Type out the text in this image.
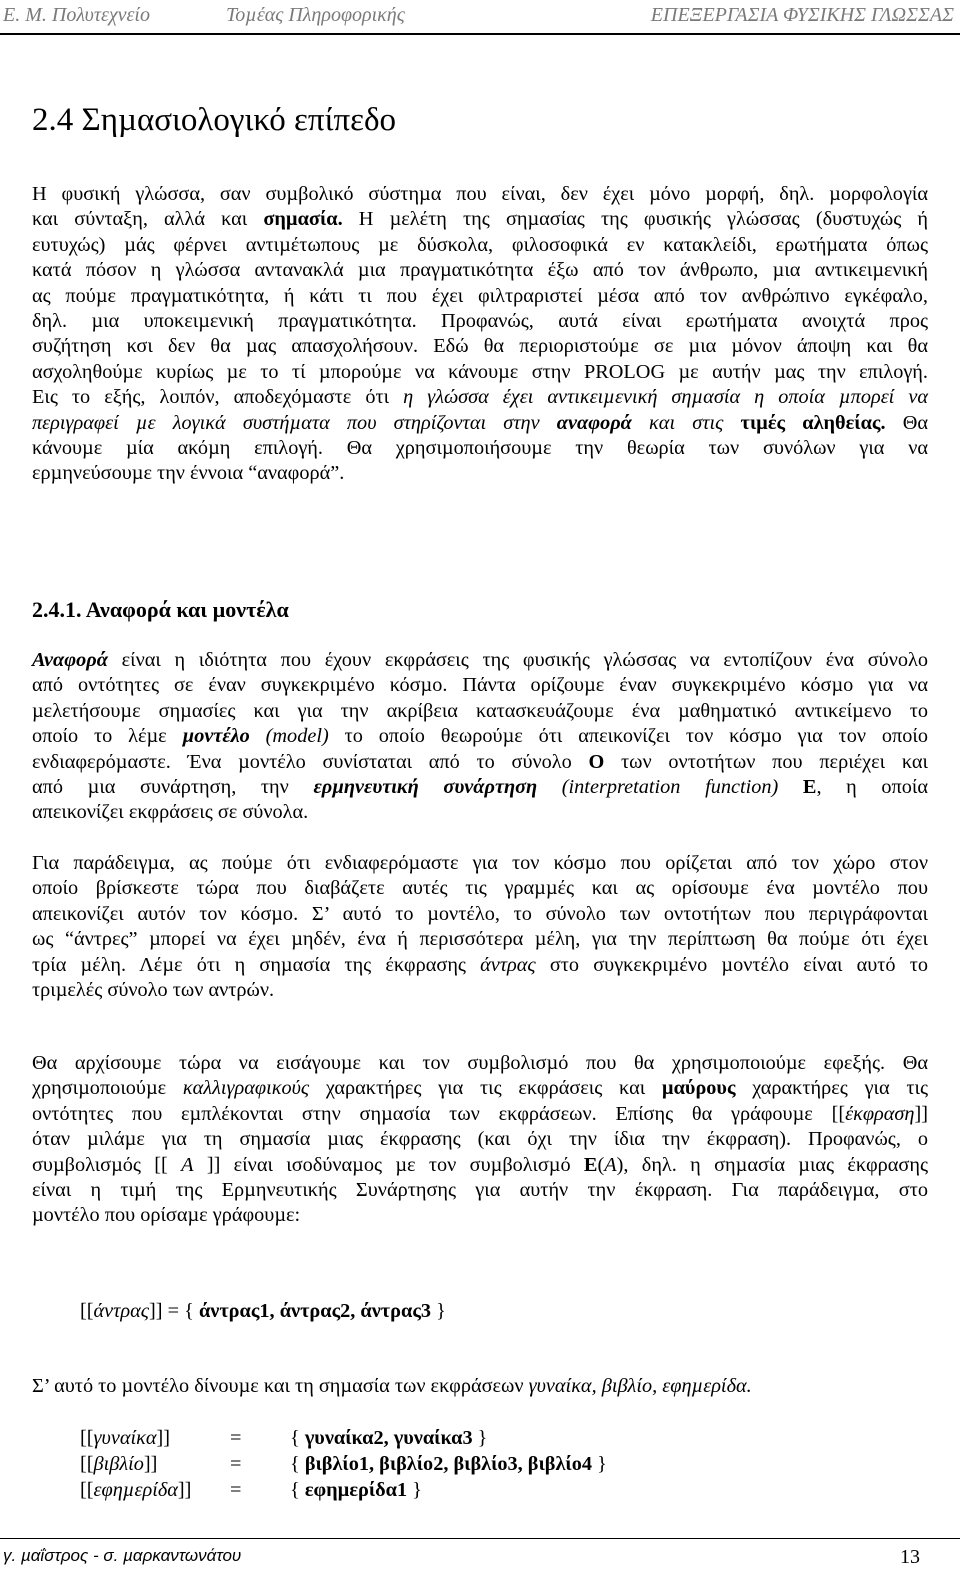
Ε. Μ. Πολυτεχνείο	Τοµέας Πληροφορικής	ΕΠΕΞΕΡΓΑΣΙΑ ΦΥΣΙΚΗΣ ΓΛΩΣΣΑΣ
2.4 Σηµασιολογικό επίπεδο
Η φυσική γλώσσα, σαν συµβολικό σύστηµα που είναι, δεν έχει µόνο µορφή, δηλ. µορφολογία
και σύνταξη, αλλά και σηµασία. Η µελέτη της σηµασίας της φυσικής γλώσσας (δυστυχώς ή
ευτυχώς) µάς φέρνει αντιµέτωπους µε δύσκολα, φιλοσοφικά εν κατακλείδι, ερωτήµατα όπως
κατά πόσον η γλώσσα αντανακλά µια πραγµατικότητα έξω από τον άνθρωπο, µια αντικειµενική
ας πούµε πραγµατικότητα, ή κάτι τι που έχει φιλτραριστεί µέσα από τον ανθρώπινο εγκέφαλο,
δηλ. µια υποκειµενική πραγµατικότητα. Προφανώς, αυτά είναι ερωτήµατα ανοιχτά προς
συζήτηση κσι δεν θα µας απασχολήσουν. Εδώ θα περιοριστούµε σε µια µόνον άποψη και θα
ασχοληθούµε κυρίως µε το τί µπορούµε να κάνουµε στην PROLOG µε αυτήν µας την επιλογή.
Εις το εξής, λοιπόν, αποδεχόµαστε ότι η γλώσσα έχει αντικειµενική σηµασία η οποία µπορεί να
περιγραφεί µε λογικά συστήµατα που στηρίζονται στην αναφορά και στις τιµές αληθείας. Θα
κάνουµε µία ακόµη επιλογή. Θα χρησιµοποιήσουµε την θεωρία των συνόλων για να
ερµηνεύσουµε την έννοια “αναφορά”.
2.4.1. Αναφορά και µοντέλα
Αναφορά είναι η ιδιότητα που έχουν εκφράσεις της φυσικής γλώσσας να εντοπίζουν ένα σύνολο
από οντότητες σε έναν συγκεκριµένο κόσµο. Πάντα ορίζουµε έναν συγκεκριµένο κόσµο για να
µελετήσουµε σηµασίες και για την ακρίβεια κατασκευάζουµε ένα µαθηµατικό αντικείµενο το
οποίο το λέµε µοντέλο (model) το οποίο θεωρούµε ότι απεικονίζει τον κόσµο για τον οποίο
ενδιαφερόµαστε. Ένα µοντέλο συνίσταται από το σύνολο O των οντοτήτων που περιέχει και
από µια συνάρτηση, την ερµηνευτική συνάρτηση (interpretation function) E, η οποία
απεικονίζει εκφράσεις σε σύνολα.
Για παράδειγµα, ας πούµε ότι ενδιαφερόµαστε για τον κόσµο που ορίζεται από τον χώρο στον
οποίο βρίσκεστε τώρα που διαβάζετε αυτές τις γραµµές και ας ορίσουµε ένα µοντέλο που
απεικονίζει αυτόν τον κόσµο. Σ’ αυτό το µοντέλο, το σύνολο των οντοτήτων που περιγράφονται
ως “άντρες” µπορεί να έχει µηδέν, ένα ή περισσότερα µέλη, για την περίπτωση θα πούµε ότι έχει
τρία µέλη. Λέµε ότι η σηµασία της έκφρασης άντρας στο συγκεκριµένο µοντέλο είναι αυτό το
τριµελές σύνολο των αντρών.
Θα αρχίσουµε τώρα να εισάγουµε και τον συµβολισµό που θα χρησιµοποιούµε εφεξής. Θα
χρησιµοποιούµε καλλιγραφικούς χαρακτήρες για τις εκφράσεις και µαύρους χαρακτήρες για τις
οντότητες που εµπλέκονται στην σηµασία των εκφράσεων. Επίσης θα γράφουµε [[έκφραση]]
όταν µιλάµε για τη σηµασία µιας έκφρασης (και όχι την ίδια την έκφραση). Προφανώς, ο
συµβολισµός [[ A ]] είναι ισοδύναµος µε τον συµβολισµό E(A), δηλ. η σηµασία µιας έκφρασης
είναι η τιµή της Ερµηνευτικής Συνάρτησης για αυτήν την έκφραση. Για παράδειγµα, στο
µοντέλο που ορίσαµε γράφουµε:
[[άντρας]] = { άντρας1, άντρας2, άντρας3 }
Σ’ αυτό το µοντέλο δίνουµε και τη σηµασία των εκφράσεων γυναίκα, βιβλίο, εφηµερίδα.
[[γυναίκα]]	=	{ γυναίκα2, γυναίκα3 }
[[βιβλίο]]	=	{ βιβλίο1, βιβλίο2, βιβλίο3, βιβλίο4 }
[[εφηµερίδα]]	=	{ εφηµερίδα1 }
γ. µαΐστρος - σ. µαρκαντωνάτου	13
